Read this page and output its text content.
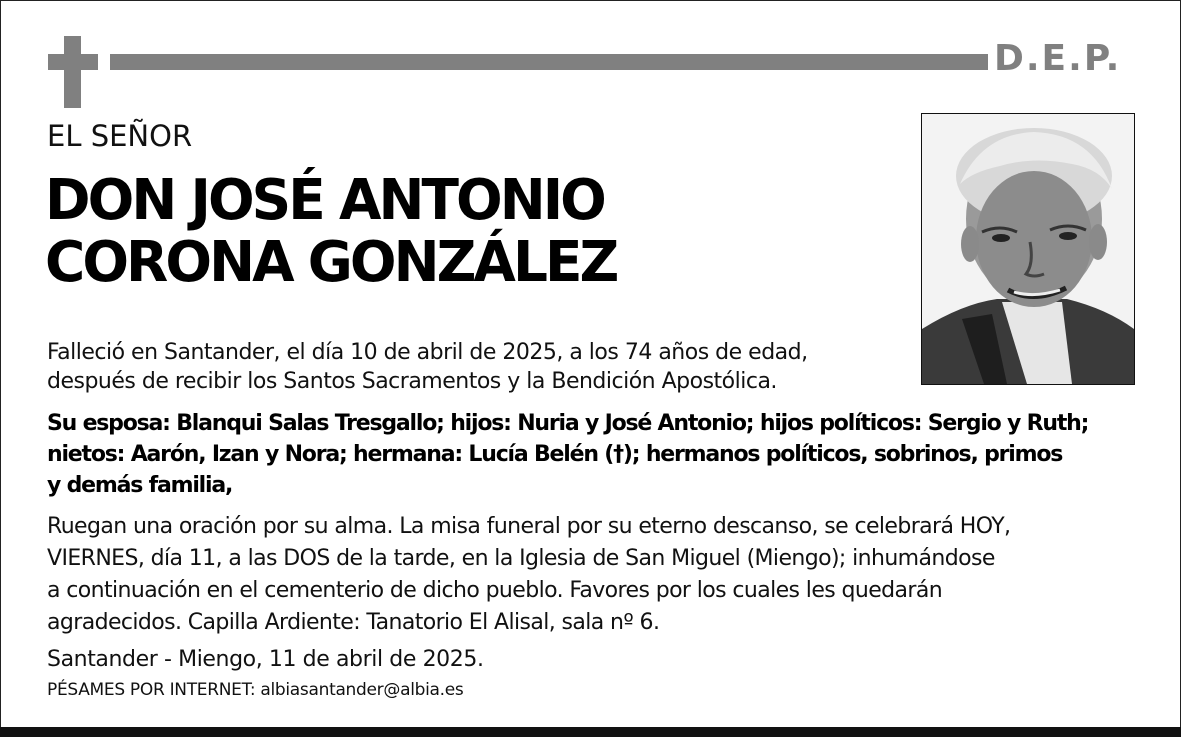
D.E.P.
EL SEÑOR
DON JOSÉ ANTONIO
CORONA GONZÁLEZ
Falleció en Santander, el día 10 de abril de 2025, a los 74 años de edad,
después de recibir los Santos Sacramentos y la Bendición Apostólica.
Su esposa: Blanqui Salas Tresgallo; hijos: Nuria y José Antonio; hijos políticos: Sergio y Ruth;
nietos: Aarón, Izan y Nora; hermana: Lucía Belén (†); hermanos políticos, sobrinos, primos
y demás familia,
Ruegan una oración por su alma. La misa funeral por su eterno descanso, se celebrará HOY,
VIERNES, día 11, a las DOS de la tarde, en la Iglesia de San Miguel (Miengo); inhumándose
a continuación en el cementerio de dicho pueblo. Favores por los cuales les quedarán
agradecidos. Capilla Ardiente: Tanatorio El Alisal, sala nº 6.
Santander - Miengo, 11 de abril de 2025.
PÉSAMES POR INTERNET: albiasantander@albia.es
